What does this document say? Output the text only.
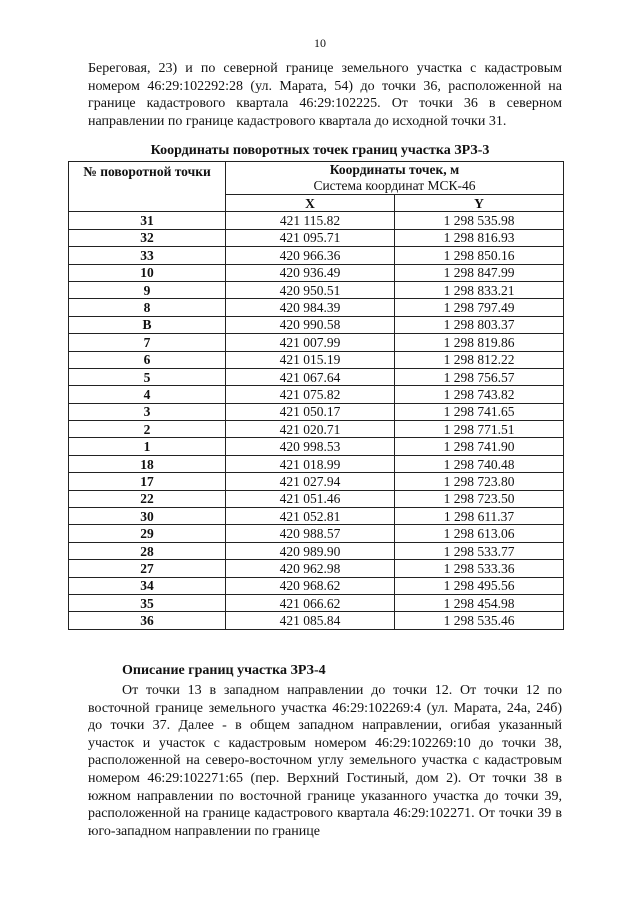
10
Береговая, 23) и по северной границе земельного участка с кадастровым номером 46:29:102292:28 (ул. Марата, 54) до точки 36, расположенной на границе кадастрового квартала 46:29:102225. От точки 36 в северном направлении по границе кадастрового квартала до исходной точки 31.
Координаты поворотных точек границ участка ЗРЗ-3
№ поворотной точки	Координаты точек, м
Система координат МСК-46	

	X	Y
31	421 115.82	1 298 535.98
32	421 095.71	1 298 816.93
33	420 966.36	1 298 850.16
10	420 936.49	1 298 847.99
9	420 950.51	1 298 833.21
8	420 984.39	1 298 797.49
В	420 990.58	1 298 803.37
7	421 007.99	1 298 819.86
6	421 015.19	1 298 812.22
5	421 067.64	1 298 756.57
4	421 075.82	1 298 743.82
3	421 050.17	1 298 741.65
2	421 020.71	1 298 771.51
1	420 998.53	1 298 741.90
18	421 018.99	1 298 740.48
17	421 027.94	1 298 723.80
22	421 051.46	1 298 723.50
30	421 052.81	1 298 611.37
29	420 988.57	1 298 613.06
28	420 989.90	1 298 533.77
27	420 962.98	1 298 533.36
34	420 968.62	1 298 495.56
35	421 066.62	1 298 454.98
36	421 085.84	1 298 535.46
Описание границ участка ЗРЗ-4
От точки 13 в западном направлении до точки 12. От точки 12 по восточной границе земельного участка 46:29:102269:4 (ул. Марата, 24а, 24б) до точки 37. Далее - в общем западном направлении, огибая указанный участок и участок с кадастровым номером 46:29:102269:10 до точки 38, расположенной на северо-восточном углу земельного участка с кадастровым номером 46:29:102271:65 (пер. Верхний Гостиный, дом 2). От точки 38 в южном направлении по восточной границе указанного участка до точки 39, расположенной на границе кадастрового квартала 46:29:102271. От точки 39 в юго-западном направлении по границе
